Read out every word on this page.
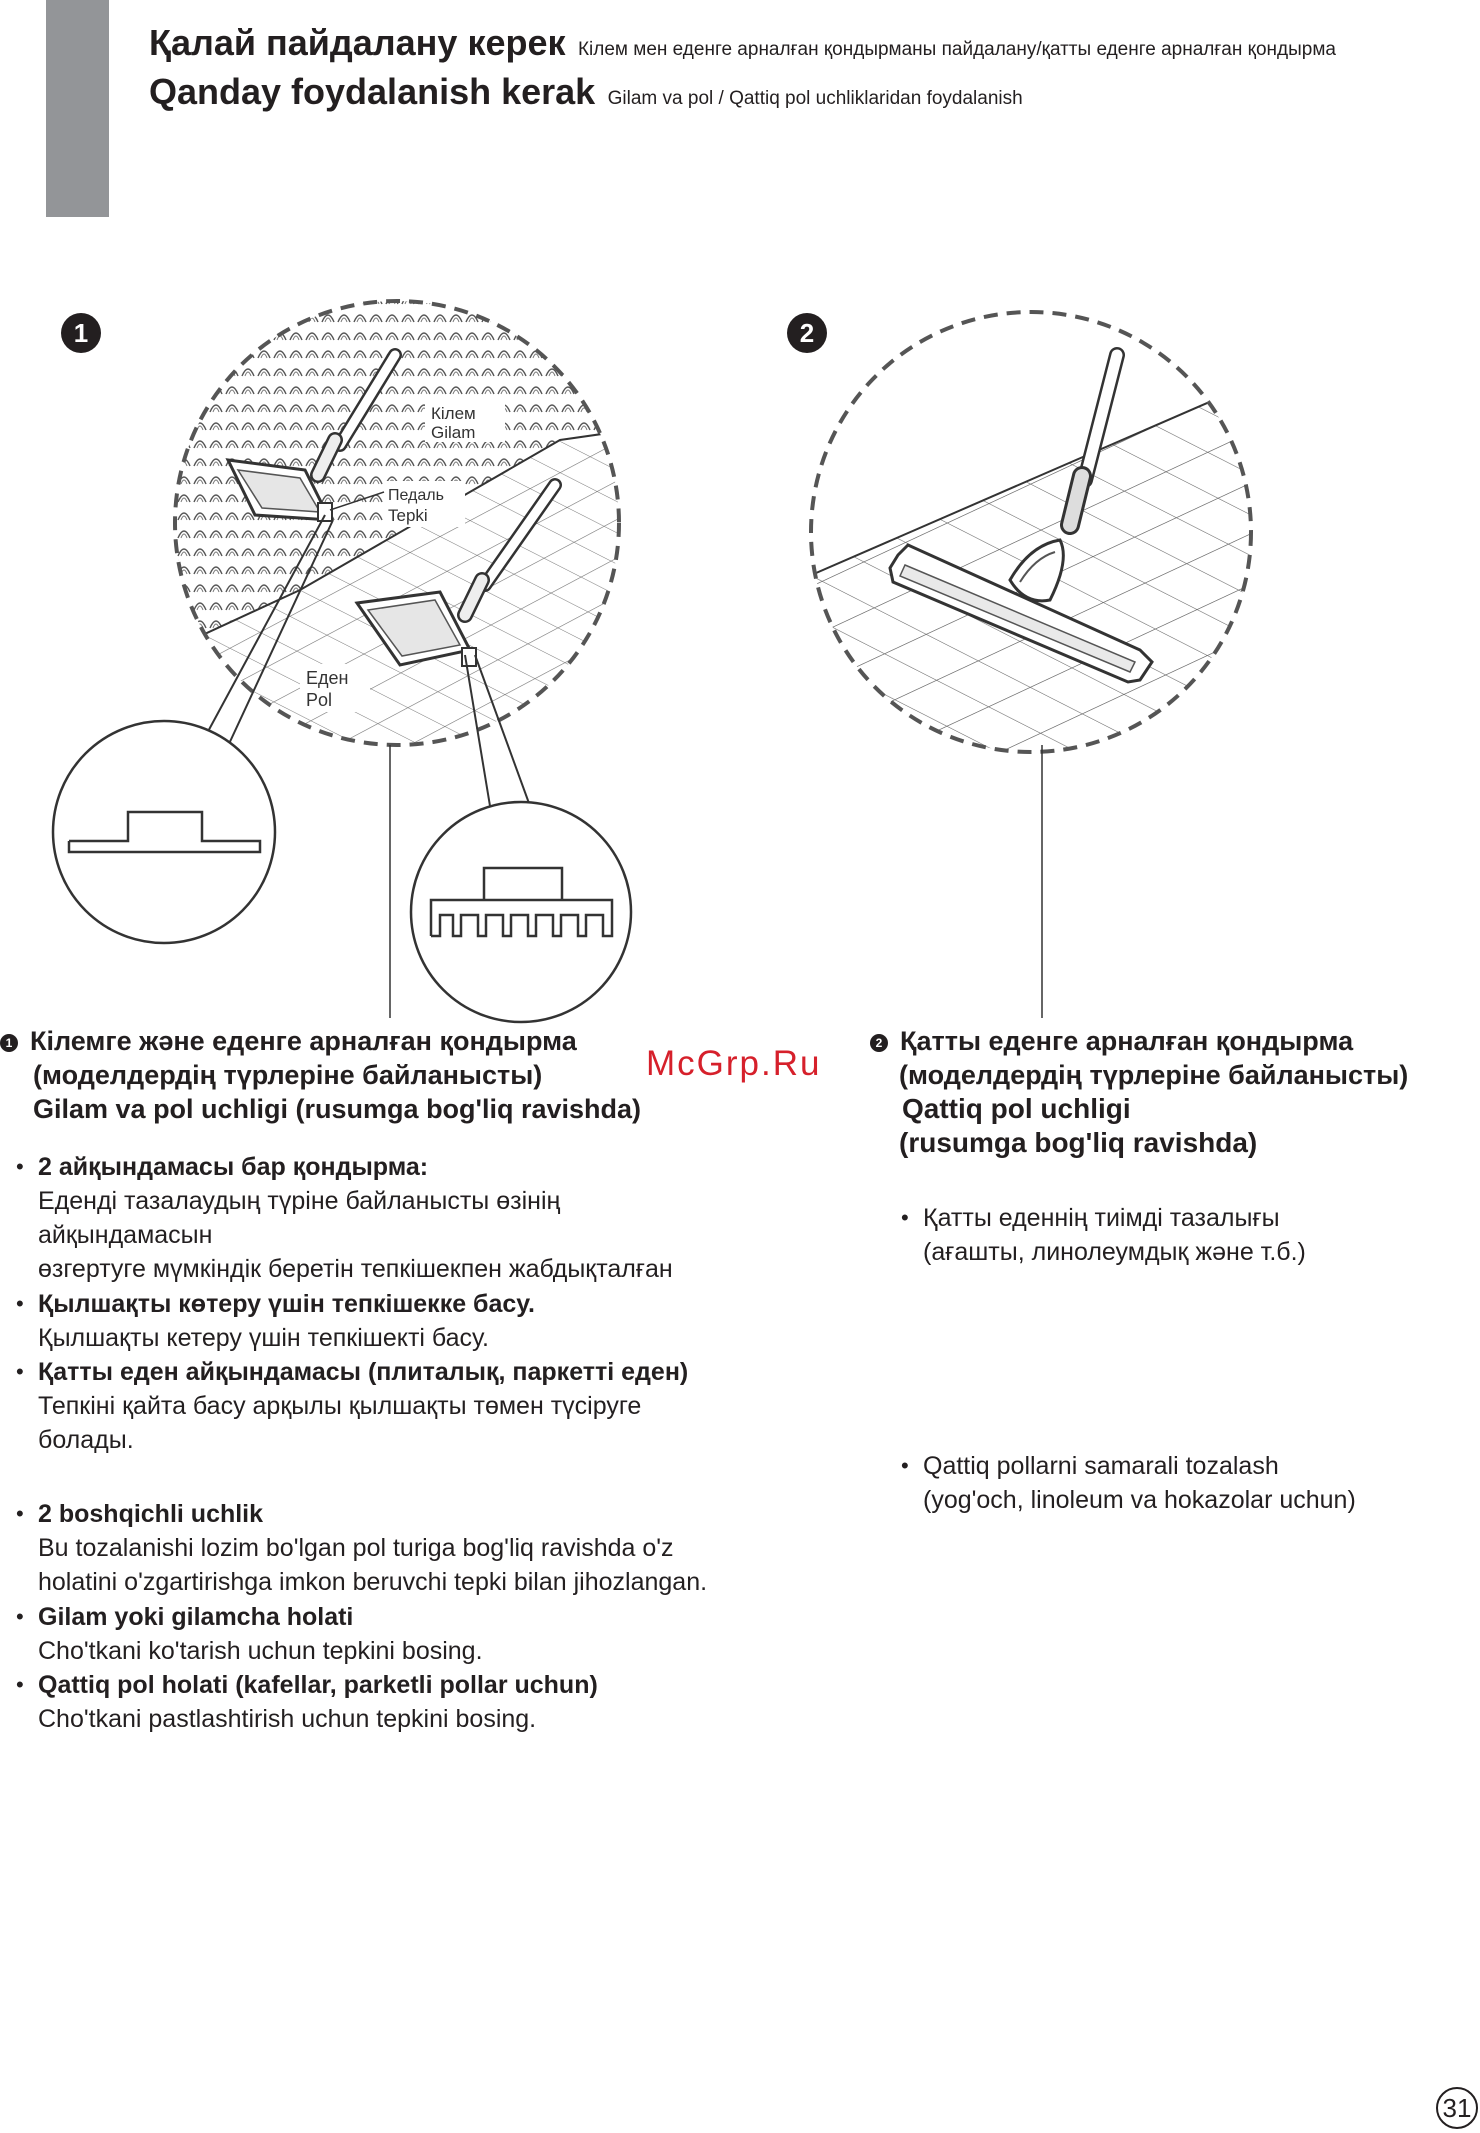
Қалай пайдалану керек Кілем мен еденге арналған қондырманы пайдалану/қатты еденге арналған қондырма
Qanday foydalanish kerak Gilam va pol / Qattiq pol uchliklaridan foydalanish
1	2
Кілем
Gilam
Педаль
Tepki
Еден
Pol
1 Кілемге және еденге арналған қондырма
(моделдердің түрлеріне байланысты)
Gilam va pol uchligi (rusumga bog'liq ravishda)
• 2 айқындамасы бар қондырма:
Еденді тазалаудың түріне байланысты өзінің
айқындамасын
өзгертуге мүмкіндік беретін тепкішекпен жабдықталған
• Қылшақты көтеру үшін тепкішекке басу.
Қылшақты кетеру үшін тепкішекті басу.
• Қатты еден айқындамасы (плиталық, паркетті еден)
Тепкіні қайта басу арқылы қылшақты төмен түсіруге
болады.
• 2 boshqichli uchlik
Bu tozalanishi lozim bo'lgan pol turiga bog'liq ravishda o'z
holatini o'zgartirishga imkon beruvchi tepki bilan jihozlangan.
• Gilam yoki gilamcha holati
Cho'tkani ko'tarish uchun tepkini bosing.
• Qattiq pol holati (kafellar, parketli pollar uchun)
Cho'tkani pastlashtirish uchun tepkini bosing.
2 Қатты еденге арналған қондырма
(моделдердің түрлеріне байланысты)
Qattiq pol uchligi
(rusumga bog'liq ravishda)
• Қатты еденнің тиімді тазалығы
(ағашты, линолеумдық және т.б.)
• Qattiq pollarni samarali tozalash
(yog'och, linoleum va hokazolar uchun)
McGrp.Ru
31
